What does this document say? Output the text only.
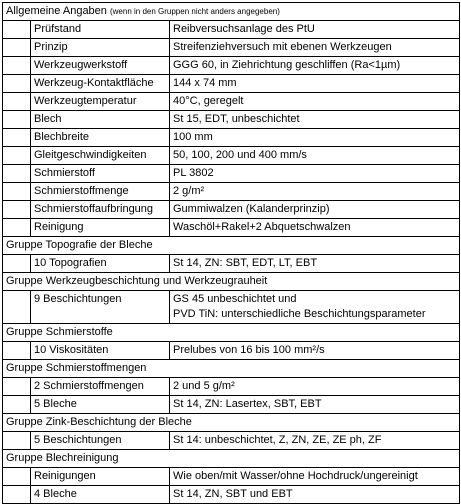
Allgemeine Angaben (wenn in den Gruppen nicht anders angegeben)		
	Prüfstand	Reibversuchsanlage des PtU
	Prinzip	Streifenziehversuch mit ebenen Werkzeugen
	Werkzeugwerkstoff	GGG 60, in Ziehrichtung geschliffen (Ra<1µm)
	Werkzeug-Kontaktfläche	144 x 74 mm
	Werkzeugtemperatur	40°C, geregelt
	Blech	St 15, EDT, unbeschichtet
	Blechbreite	100 mm
	Gleitgeschwindigkeiten	50, 100, 200 und 400 mm/s
	Schmierstoff	PL 3802
	Schmierstoffmenge	2 g/m²
	Schmierstoffaufbringung	Gummiwalzen (Kalanderprinzip)
	Reinigung	Waschöl+Rakel+2 Abquetschwalzen
Gruppe Topografie der Bleche		
	10 Topografien	St 14, ZN: SBT, EDT, LT, EBT
Gruppe Werkzeugbeschichtung und Werkzeugrauheit		
	9 Beschichtungen	GS 45 unbeschichtet und
PVD TiN: unterschiedliche Beschichtungsparameter

Gruppe Schmierstoffe		
	10 Viskositäten	Prelubes von 16 bis 100 mm²/s
Gruppe Schmierstoffmengen		
	2 Schmierstoffmengen	2 und 5 g/m²
	5 Bleche	St 14, ZN: Lasertex, SBT, EBT
Gruppe Zink-Beschichtung der Bleche		
	5 Beschichtungen	St 14: unbeschichtet, Z, ZN, ZE, ZE ph, ZF
Gruppe Blechreinigung		
	Reinigungen	Wie oben/mit Wasser/ohne Hochdruck/ungereinigt
	4 Bleche	St 14, ZN, SBT und EBT
